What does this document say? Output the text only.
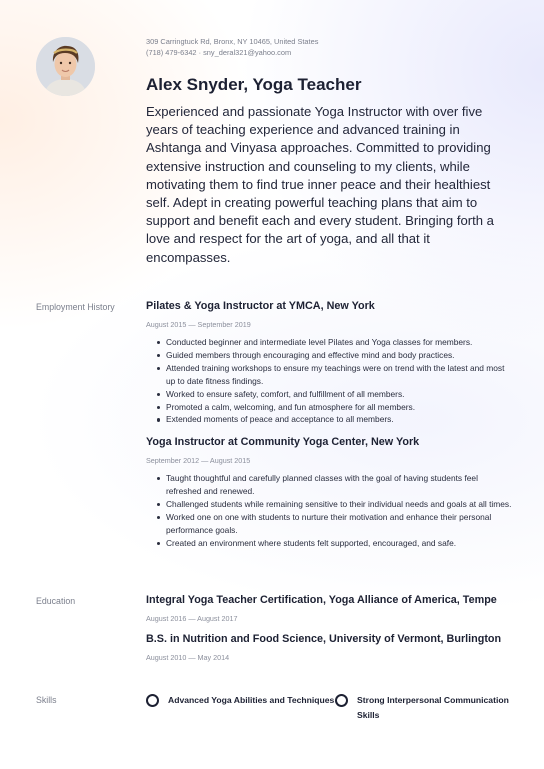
309 Carringtuck Rd, Bronx, NY 10465, United States
(718) 479-6342 · sny_deral321@yahoo.com
Alex Snyder, Yoga Teacher

Experienced and passionate Yoga Instructor with over five years of teaching experience and advanced training in Ashtanga and Vinyasa approaches. Committed to providing extensive instruction and counseling to my clients, while motivating them to find true inner peace and their healthiest self. Adept in creating powerful teaching plans that aim to support and benefit each and every student. Bringing forth a love and respect for the art of yoga, and all that it encompasses.

Employment History	Pilates & Yoga Instructor at YMCA, New York
August 2015 — September 2019
Conducted beginner and intermediate level Pilates and Yoga classes for members.
Guided members through encouraging and effective mind and body practices.
Attended training workshops to ensure my teachings were on trend with the latest and most up to date fitness findings.
Worked to ensure safety, comfort, and fulfillment of all members.
Promoted a calm, welcoming, and fun atmosphere for all members.
Extended moments of peace and acceptance to all members.
Yoga Instructor at Community Yoga Center, New York
September 2012 — August 2015
Taught thoughtful and carefully planned classes with the goal of having students feel refreshed and renewed.
Challenged students while remaining sensitive to their individual needs and goals at all times.
Worked one on one with students to nurture their motivation and enhance their personal performance goals.
Created an environment where students felt supported, encouraged, and safe.
Education	Integral Yoga Teacher Certification, Yoga Alliance of America, Tempe
August 2016 — August 2017
B.S. in Nutrition and Food Science, University of Vermont, Burlington
August 2010 — May 2014
Skills	Advanced Yoga Abilities and Techniques	Strong Interpersonal Communication Skills
